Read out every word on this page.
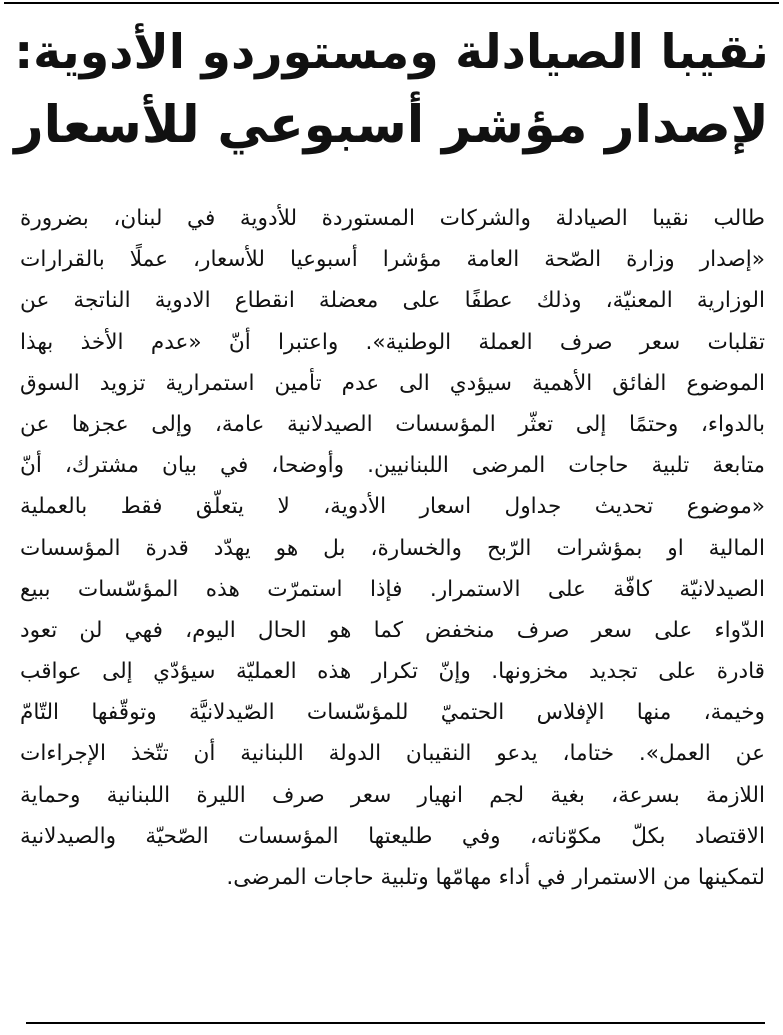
نقيبا الصيادلة ومستوردو الأدوية:
لإصدار مؤشر أسبوعي للأسعار
طالب نقيبا الصيادلة والشركات المستوردة للأدوية في لبنان، بضرورة
«إصدار وزارة الصّحة العامة مؤشرا أسبوعيا للأسعار، عملًا بالقرارات
الوزارية المعنيّة، وذلك عطفًا على معضلة انقطاع الادوية الناتجة عن
تقلبات سعر صرف العملة الوطنية». واعتبرا أنّ «عدم الأخذ بهذا
الموضوع الفائق الأهمية سيؤدي الى عدم تأمين استمرارية تزويد السوق
بالدواء، وحتمًا إلى تعثّر المؤسسات الصيدلانية عامة، وإلى عجزها عن
متابعة تلبية حاجات المرضى اللبنانيين. وأوضحا، في بيان مشترك، أنّ
«موضوع تحديث جداول اسعار الأدوية، لا يتعلّق فقط بالعملية
المالية او بمؤشرات الرّبح والخسارة، بل هو يهدّد قدرة المؤسسات
الصيدلانيّة كافّة على الاستمرار. فإذا استمرّت هذه المؤسّسات ببيع
الدّواء على سعر صرف منخفض كما هو الحال اليوم، فهي لن تعود
قادرة على تجديد مخزونها. وإنّ تكرار هذه العمليّة سيؤدّي إلى عواقب
وخيمة، منها الإفلاس الحتميّ للمؤسّسات الصّيدلانيَّة وتوقّفها التّامّ
عن العمل». ختاما، يدعو النقيبان الدولة اللبنانية أن تتّخذ الإجراءات
اللازمة بسرعة، بغية لجم انهيار سعر صرف الليرة اللبنانية وحماية
الاقتصاد بكلّ مكوّناته، وفي طليعتها المؤسسات الصّحيّة والصيدلانية
لتمكينها من الاستمرار في أداء مهامّها وتلبية حاجات المرضى.
